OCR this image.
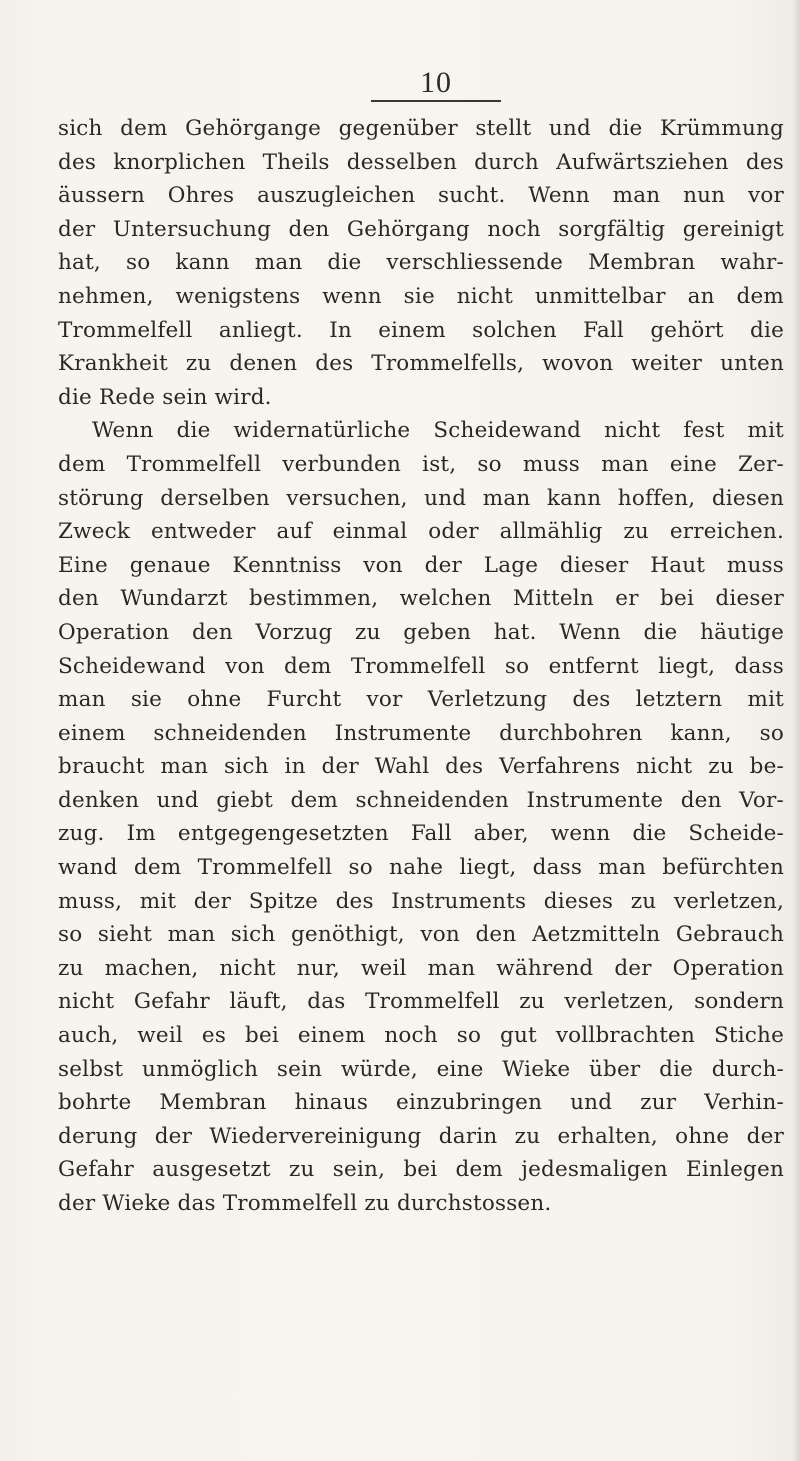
10
sich dem Gehörgange gegenüber stellt und die Krümmung
des knorplichen Theils desselben durch Aufwärtsziehen des
äussern Ohres auszugleichen sucht. Wenn man nun vor
der Untersuchung den Gehörgang noch sorgfältig gereinigt
hat, so kann man die verschliessende Membran wahr-
nehmen, wenigstens wenn sie nicht unmittelbar an dem
Trommelfell anliegt. In einem solchen Fall gehört die
Krankheit zu denen des Trommelfells, wovon weiter unten
die Rede sein wird.
Wenn die widernatürliche Scheidewand nicht fest mit
dem Trommelfell verbunden ist, so muss man eine Zer-
störung derselben versuchen, und man kann hoffen, diesen
Zweck entweder auf einmal oder allmählig zu erreichen.
Eine genaue Kenntniss von der Lage dieser Haut muss
den Wundarzt bestimmen, welchen Mitteln er bei dieser
Operation den Vorzug zu geben hat. Wenn die häutige
Scheidewand von dem Trommelfell so entfernt liegt, dass
man sie ohne Furcht vor Verletzung des letztern mit
einem schneidenden Instrumente durchbohren kann, so
braucht man sich in der Wahl des Verfahrens nicht zu be-
denken und giebt dem schneidenden Instrumente den Vor-
zug. Im entgegengesetzten Fall aber, wenn die Scheide-
wand dem Trommelfell so nahe liegt, dass man befürchten
muss, mit der Spitze des Instruments dieses zu verletzen,
so sieht man sich genöthigt, von den Aetzmitteln Gebrauch
zu machen, nicht nur, weil man während der Operation
nicht Gefahr läuft, das Trommelfell zu verletzen, sondern
auch, weil es bei einem noch so gut vollbrachten Stiche
selbst unmöglich sein würde, eine Wieke über die durch-
bohrte Membran hinaus einzubringen und zur Verhin-
derung der Wiedervereinigung darin zu erhalten, ohne der
Gefahr ausgesetzt zu sein, bei dem jedesmaligen Einlegen
der Wieke das Trommelfell zu durchstossen.
